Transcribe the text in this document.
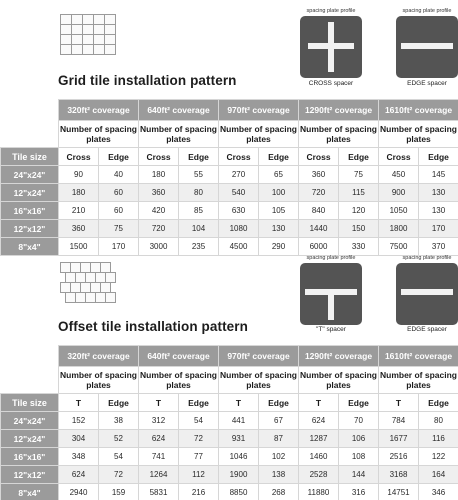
spacing plate profile
CROSS spacer
spacing plate profile
EDGE spacer
Grid tile installation pattern
	320ft² coverage		640ft² coverage		970ft² coverage		1290ft² coverage		1610ft² coverage	
	Number of spacing plates		Number of spacing plates		Number of spacing plates		Number of spacing plates		Number of spacing plates	
Tile size	Cross	Edge	Cross	Edge	Cross	Edge	Cross	Edge	Cross	Edge
24"x24"	90	40	180	55	270	65	360	75	450	145
12"x24"	180	60	360	80	540	100	720	115	900	130
16"x16"	210	60	420	85	630	105	840	120	1050	130
12"x12"	360	75	720	104	1080	130	1440	150	1800	170
8"x4"	1500	170	3000	235	4500	290	6000	330	7500	370
spacing plate profile
"T" spacer
spacing plate profile
EDGE spacer
Offset tile installation pattern
	320ft² coverage		640ft² coverage		970ft² coverage		1290ft² coverage		1610ft² coverage	
	Number of spacing plates		Number of spacing plates		Number of spacing plates		Number of spacing plates		Number of spacing plates	
Tile size	T	Edge	T	Edge	T	Edge	T	Edge	T	Edge
24"x24"	152	38	312	54	441	67	624	70	784	80
12"x24"	304	52	624	72	931	87	1287	106	1677	116
16"x16"	348	54	741	77	1046	102	1460	108	2516	122
12"x12"	624	72	1264	112	1900	138	2528	144	3168	164
8"x4"	2940	159	5831	216	8850	268	11880	316	14751	346
